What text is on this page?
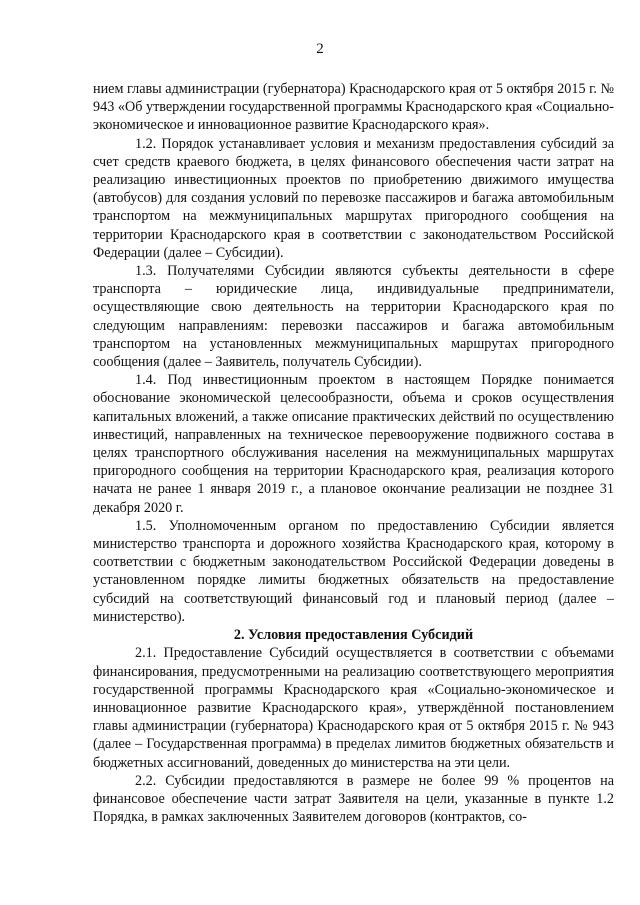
2

нием главы администрации (губернатора) Краснодарского края от 5 октября 2015 г. № 943 «Об утверждении государственной программы Краснодарского края «Социально-экономическое и инновационное развитие Краснодарского края».

1.2. Порядок устанавливает условия и механизм предоставления субсидий за счет средств краевого бюджета, в целях финансового обеспечения части затрат на реализацию инвестиционных проектов по приобретению движимого имущества (автобусов) для создания условий по перевозке пассажиров и багажа автомобильным транспортом на межмуниципальных маршрутах пригородного сообщения на территории Краснодарского края в соответствии с законодательством Российской Федерации (далее – Субсидии).

1.3. Получателями Субсидии являются субъекты деятельности в сфере транспорта – юридические лица, индивидуальные предприниматели, осуществляющие свою деятельность на территории Краснодарского края по следующим направлениям: перевозки пассажиров и багажа автомобильным транспортом на установленных межмуниципальных маршрутах пригородного сообщения (далее – Заявитель, получатель Субсидии).

1.4. Под инвестиционным проектом в настоящем Порядке понимается обоснование экономической целесообразности, объема и сроков осуществления капитальных вложений, а также описание практических действий по осуществлению инвестиций, направленных на техническое перевооружение подвижного состава в целях транспортного обслуживания населения на межмуниципальных маршрутах пригородного сообщения на территории Краснодарского края, реализация которого начата не ранее 1 января 2019 г., а плановое окончание реализации не позднее 31 декабря 2020 г.

1.5. Уполномоченным органом по предоставлению Субсидии является министерство транспорта и дорожного хозяйства Краснодарского края, которому в соответствии с бюджетным законодательством Российской Федерации доведены в установленном порядке лимиты бюджетных обязательств на предоставление субсидий на соответствующий финансовый год и плановый период (далее – министерство).

2. Условия предоставления Субсидий

2.1. Предоставление Субсидий осуществляется в соответствии с объемами финансирования, предусмотренными на реализацию соответствующего мероприятия государственной программы Краснодарского края «Социально-экономическое и инновационное развитие Краснодарского края», утверждённой постановлением главы администрации (губернатора) Краснодарского края от 5 октября 2015 г. № 943 (далее – Государственная программа) в пределах лимитов бюджетных обязательств и бюджетных ассигнований, доведенных до министерства на эти цели.

2.2. Субсидии предоставляются в размере не более 99 % процентов на финансовое обеспечение части затрат Заявителя на цели, указанные в пункте 1.2 Порядка, в рамках заключенных Заявителем договоров (контрактов, со-
